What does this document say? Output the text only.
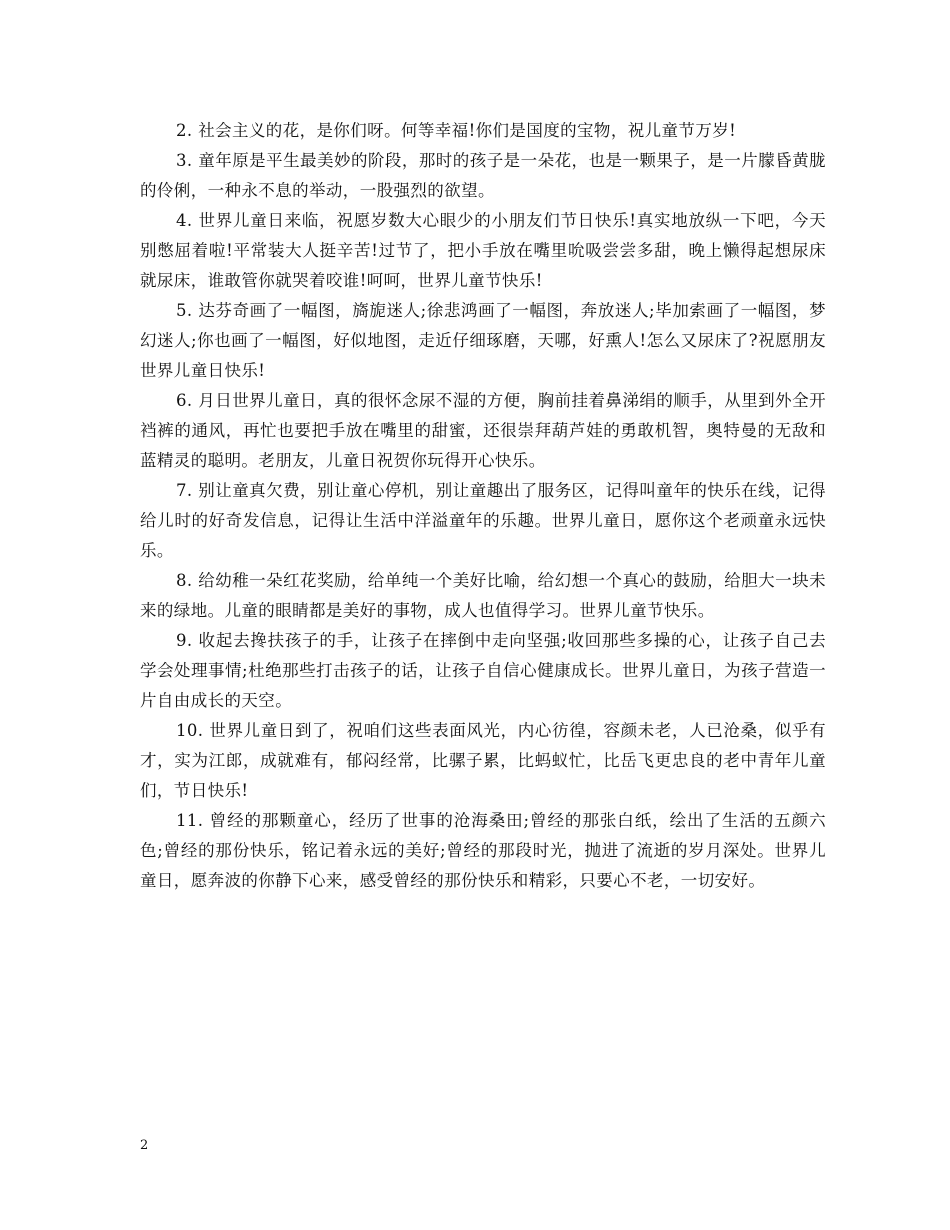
2. 社会主义的花，是你们呀。何等幸福!你们是国度的宝物，祝儿童节万岁!

3. 童年原是平生最美妙的阶段，那时的孩子是一朵花，也是一颗果子，是一片朦昏黄胧的伶俐，一种永不息的举动，一股强烈的欲望。

4. 世界儿童日来临，祝愿岁数大心眼少的小朋友们节日快乐!真实地放纵一下吧，今天别憋屈着啦!平常装大人挺辛苦!过节了，把小手放在嘴里吮吸尝尝多甜，晚上懒得起想尿床就尿床，谁敢管你就哭着咬谁!呵呵，世界儿童节快乐!

5. 达芬奇画了一幅图，旖旎迷人;徐悲鸿画了一幅图，奔放迷人;毕加索画了一幅图，梦幻迷人;你也画了一幅图，好似地图，走近仔细琢磨，天哪，好熏人!怎么又尿床了?祝愿朋友世界儿童日快乐!

6. 月日世界儿童日，真的很怀念尿不湿的方便，胸前挂着鼻涕绢的顺手，从里到外全开裆裤的通风，再忙也要把手放在嘴里的甜蜜，还很崇拜葫芦娃的勇敢机智，奥特曼的无敌和蓝精灵的聪明。老朋友，儿童日祝贺你玩得开心快乐。

7. 别让童真欠费，别让童心停机，别让童趣出了服务区，记得叫童年的快乐在线，记得给儿时的好奇发信息，记得让生活中洋溢童年的乐趣。世界儿童日，愿你这个老顽童永远快乐。

8. 给幼稚一朵红花奖励，给单纯一个美好比喻，给幻想一个真心的鼓励，给胆大一块未来的绿地。儿童的眼睛都是美好的事物，成人也值得学习。世界儿童节快乐。

9. 收起去搀扶孩子的手，让孩子在摔倒中走向坚强;收回那些多操的心，让孩子自己去学会处理事情;杜绝那些打击孩子的话，让孩子自信心健康成长。世界儿童日，为孩子营造一片自由成长的天空。

10. 世界儿童日到了，祝咱们这些表面风光，内心彷徨，容颜未老，人已沧桑，似乎有才，实为江郎，成就难有，郁闷经常，比骡子累，比蚂蚁忙，比岳飞更忠良的老中青年儿童们，节日快乐!

11. 曾经的那颗童心，经历了世事的沧海桑田;曾经的那张白纸，绘出了生活的五颜六色;曾经的那份快乐，铭记着永远的美好;曾经的那段时光，抛进了流逝的岁月深处。世界儿童日，愿奔波的你静下心来，感受曾经的那份快乐和精彩，只要心不老，一切安好。

2
